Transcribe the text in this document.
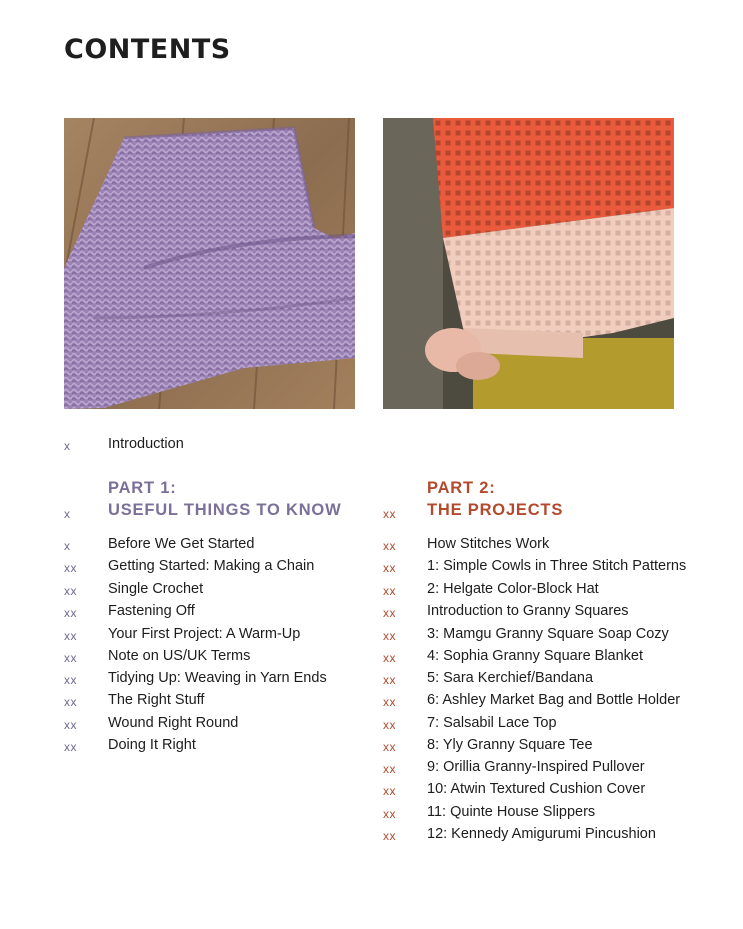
CONTENTS
x	Introduction
PART 1:
USEFUL THINGS TO KNOW
x
PART 2:
THE PROJECTS
xx
x	Before We Get Started
xx Getting Started: Making a Chain
xx Single Crochet
xx Fastening Off
xx Your First Project: A Warm-Up
xx Note on US/UK Terms
xx Tidying Up: Weaving in Yarn Ends
xx The Right Stuff
xx Wound Right Round
xx Doing It Right
xx How Stitches Work
xx 1: Simple Cowls in Three Stitch Patterns
xx 2: Helgate Color-Block Hat
xx Introduction to Granny Squares
xx 3: Mamgu Granny Square Soap Cozy
xx 4: Sophia Granny Square Blanket
xx 5: Sara Kerchief/Bandana
xx 6: Ashley Market Bag and Bottle Holder
xx 7: Salsabil Lace Top
xx 8: Yly Granny Square Tee
xx 9: Orillia Granny-Inspired Pullover
xx 10: Atwin Textured Cushion Cover
xx 11: Quinte House Slippers
xx 12: Kennedy Amigurumi Pincushion
